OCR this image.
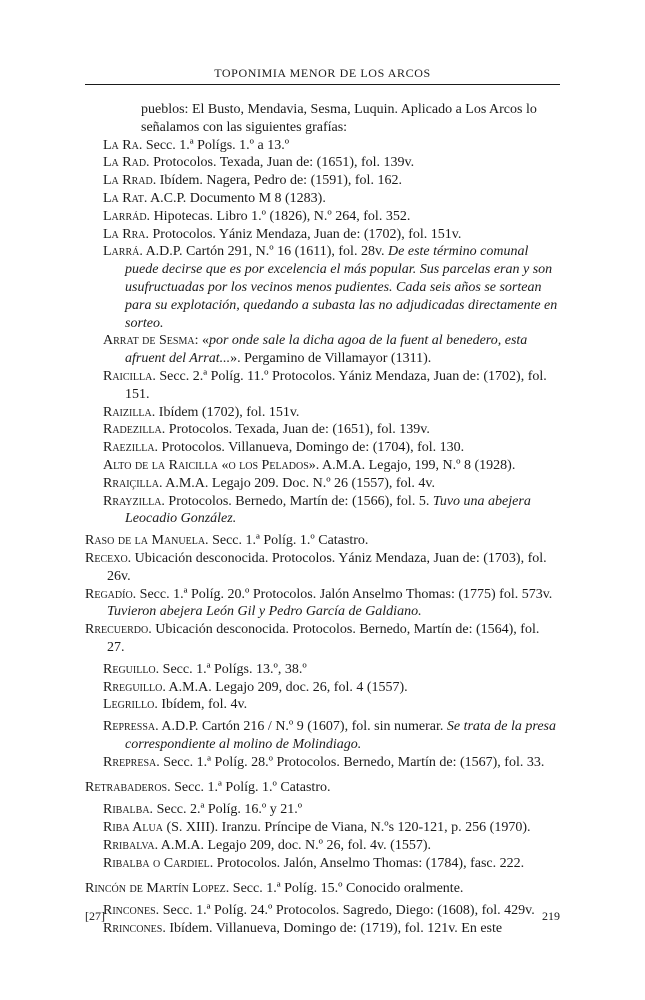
TOPONIMIA MENOR DE LOS ARCOS

pueblos: El Busto, Mendavia, Sesma, Luquin. Aplicado a Los Arcos lo señalamos con las siguientes grafías:

La Ra. Secc. 1.ª Polígs. 1.º a 13.º

La Rad. Protocolos. Texada, Juan de: (1651), fol. 139v.

La Rrad. Ibídem. Nagera, Pedro de: (1591), fol. 162.

La Rat. A.C.P. Documento M 8 (1283).

Larrád. Hipotecas. Libro 1.º (1826), N.º 264, fol. 352.

La Rra. Protocolos. Yániz Mendaza, Juan de: (1702), fol. 151v.

Larrá. A.D.P. Cartón 291, N.º 16 (1611), fol. 28v. De este término comunal puede decirse que es por excelencia el más popular. Sus parcelas eran y son usufructuadas por los vecinos menos pudientes. Cada seis años se sortean para su explotación, quedando a subasta las no adjudicadas directamente en sorteo.

Arrat de Sesma: «por onde sale la dicha agoa de la fuent al benedero, esta afruent del Arrat...». Pergamino de Villamayor (1311).

Raicilla. Secc. 2.ª Políg. 11.º Protocolos. Yániz Mendaza, Juan de: (1702), fol. 151.

Raizilla. Ibídem (1702), fol. 151v.

Radezilla. Protocolos. Texada, Juan de: (1651), fol. 139v.

Raezilla. Protocolos. Villanueva, Domingo de: (1704), fol. 130.

Alto de la Raicilla «o los Pelados». A.M.A. Legajo, 199, N.º 8 (1928).

Rraiçilla. A.M.A. Legajo 209. Doc. N.º 26 (1557), fol. 4v.

Rrayzilla. Protocolos. Bernedo, Martín de: (1566), fol. 5. Tuvo una abejera Leocadio González.

Raso de la Manuela. Secc. 1.ª Políg. 1.º Catastro.

Recexo. Ubicación desconocida. Protocolos. Yániz Mendaza, Juan de: (1703), fol. 26v.

Regadío. Secc. 1.ª Políg. 20.º Protocolos. Jalón Anselmo Thomas: (1775) fol. 573v. Tuvieron abejera León Gil y Pedro García de Galdiano.

Rrecuerdo. Ubicación desconocida. Protocolos. Bernedo, Martín de: (1564), fol. 27.

Reguillo. Secc. 1.ª Polígs. 13.º, 38.º

Rreguillo. A.M.A. Legajo 209, doc. 26, fol. 4 (1557).

Legrillo. Ibídem, fol. 4v.

Repressa. A.D.P. Cartón 216 / N.º 9 (1607), fol. sin numerar. Se trata de la presa correspondiente al molino de Molindiago.

Rrepresa. Secc. 1.ª Políg. 28.º Protocolos. Bernedo, Martín de: (1567), fol. 33.

Retrabaderos. Secc. 1.ª Políg. 1.º Catastro.

Ribalba. Secc. 2.ª Políg. 16.º y 21.º

Riba Alua (S. XIII). Iranzu. Príncipe de Viana, N.ºs 120-121, p. 256 (1970).

Rribalva. A.M.A. Legajo 209, doc. N.º 26, fol. 4v. (1557).

Ribalba o Cardiel. Protocolos. Jalón, Anselmo Thomas: (1784), fasc. 222.

Rincón de Martín Lopez. Secc. 1.ª Políg. 15.º Conocido oralmente.

Rincones. Secc. 1.ª Políg. 24.º Protocolos. Sagredo, Diego: (1608), fol. 429v.

Rrincones. Ibídem. Villanueva, Domingo de: (1719), fol. 121v. En este

[27]	219
